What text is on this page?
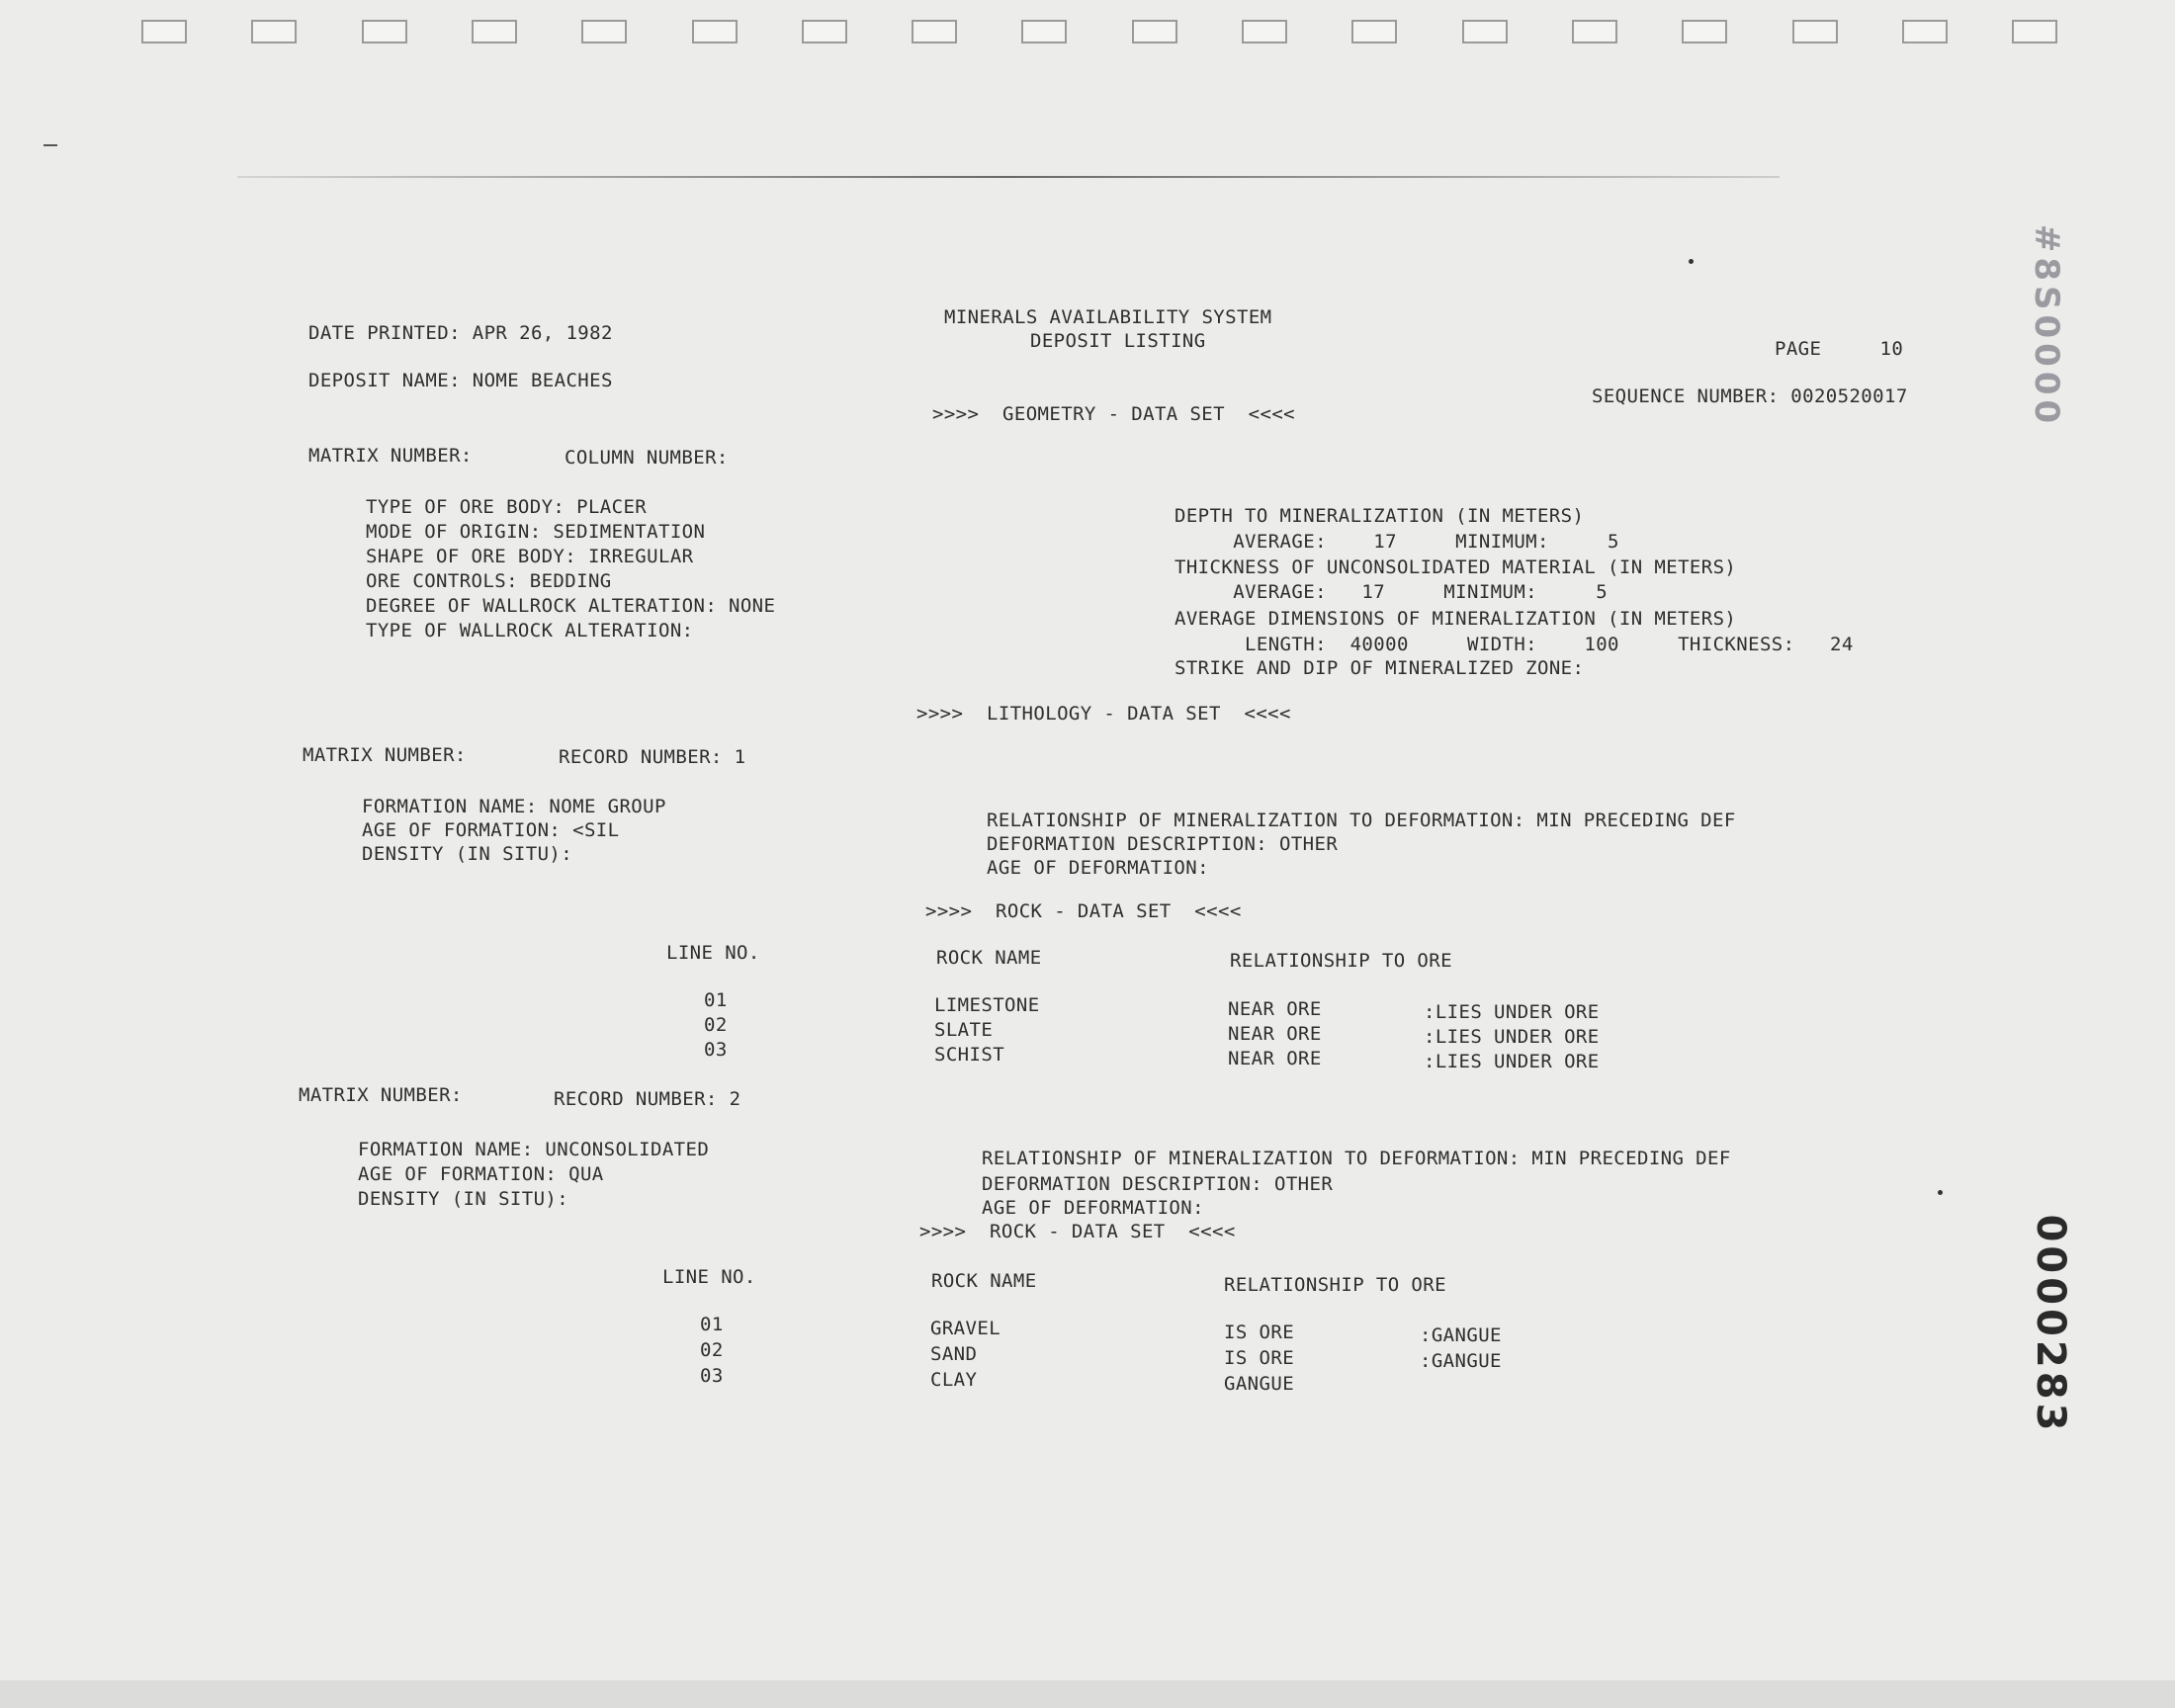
DATE PRINTED: APR 26, 1982
DEPOSIT NAME: NOME BEACHES
MINERALS AVAILABILITY SYSTEM
DEPOSIT LISTING	PAGE     10
SEQUENCE NUMBER: 0020520017
>>>>  GEOMETRY - DATA SET  <<<<
MATRIX NUMBER:	COLUMN NUMBER:
TYPE OF ORE BODY: PLACER
MODE OF ORIGIN: SEDIMENTATION
SHAPE OF ORE BODY: IRREGULAR
ORE CONTROLS: BEDDING
DEGREE OF WALLROCK ALTERATION: NONE
TYPE OF WALLROCK ALTERATION:
DEPTH TO MINERALIZATION (IN METERS)
AVERAGE:    17     MINIMUM:     5
THICKNESS OF UNCONSOLIDATED MATERIAL (IN METERS)
AVERAGE:   17     MINIMUM:     5
AVERAGE DIMENSIONS OF MINERALIZATION (IN METERS)
LENGTH:  40000     WIDTH:    100     THICKNESS:   24
STRIKE AND DIP OF MINERALIZED ZONE:
>>>>  LITHOLOGY - DATA SET  <<<<
MATRIX NUMBER:	RECORD NUMBER: 1
FORMATION NAME: NOME GROUP
AGE OF FORMATION: <SIL
DENSITY (IN SITU):
RELATIONSHIP OF MINERALIZATION TO DEFORMATION: MIN PRECEDING DEF
DEFORMATION DESCRIPTION: OTHER
AGE OF DEFORMATION:
>>>>  ROCK - DATA SET  <<<<
LINE NO.	ROCK NAME	RELATIONSHIP TO ORE
01	LIMESTONE	NEAR ORE	:LIES UNDER ORE
02	SLATE	NEAR ORE	:LIES UNDER ORE
03	SCHIST	NEAR ORE	:LIES UNDER ORE
MATRIX NUMBER:	RECORD NUMBER: 2
FORMATION NAME: UNCONSOLIDATED
AGE OF FORMATION: QUA
DENSITY (IN SITU):
RELATIONSHIP OF MINERALIZATION TO DEFORMATION: MIN PRECEDING DEF
DEFORMATION DESCRIPTION: OTHER
AGE OF DEFORMATION:
>>>>  ROCK - DATA SET  <<<<
LINE NO.	ROCK NAME	RELATIONSHIP TO ORE
01	GRAVEL	IS ORE	:GANGUE
02	SAND	IS ORE	:GANGUE
03	CLAY	GANGUE
#8S0000
0000283
